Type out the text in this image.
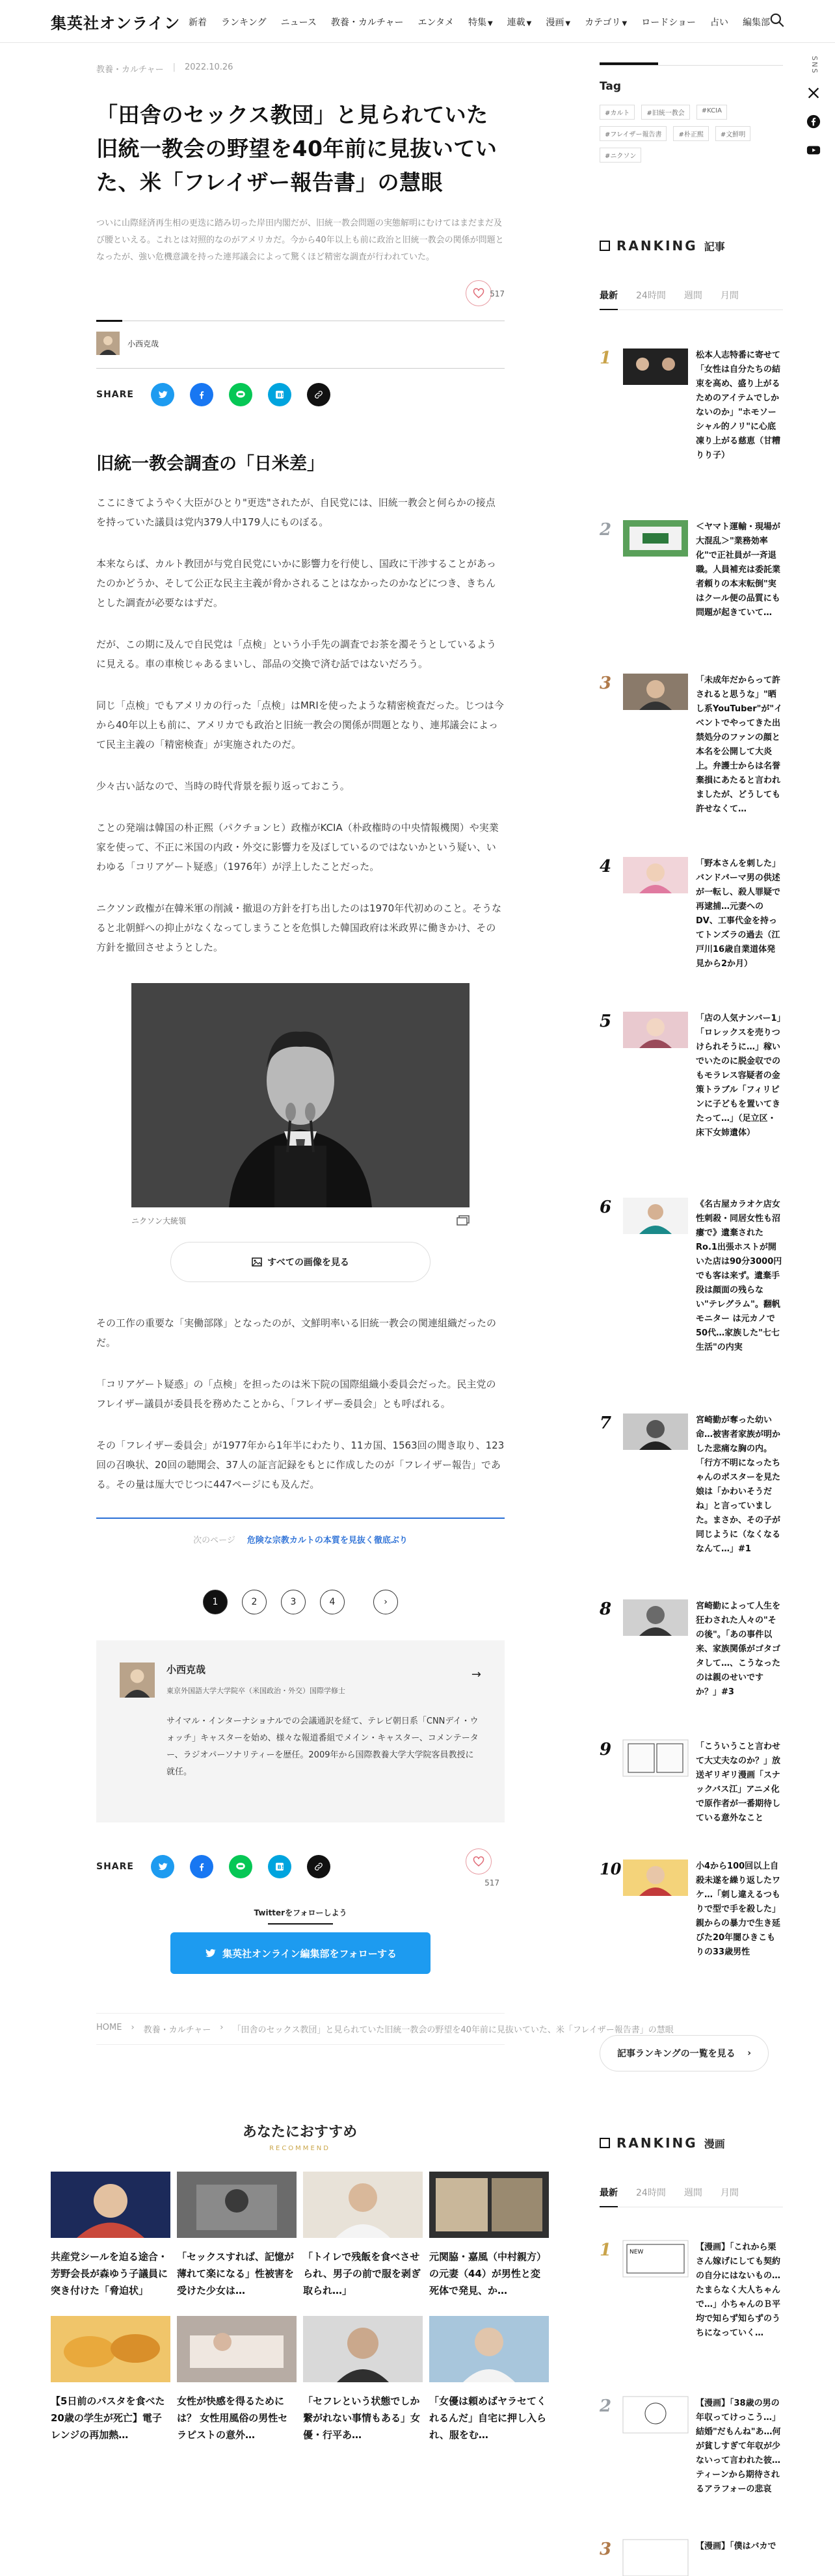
集英社オンライン 新着 ランキング ニュース 教養・カルチャー エンタメ 特集 ▼ 連載 ▼ 漫画 ▼ カテゴリ ▼ ロードショー 占い 編集部
SNS

教養・カルチャー | 2022.10.26
「田舎のセックス教団」と見られていた旧統一教会の野望を40年前に見抜いていた、米「フレイザー報告書」の慧眼

ついに山際経済再生相の更迭に踏み切った岸田内閣だが、旧統一教会問題の実態解明にむけてはまだまだ及び腰といえる。これとは対照的なのがアメリカだ。今から40年以上も前に政治と旧統一教会の関係が問題となったが、強い危機意識を持った連邦議会によって驚くほど精密な調査が行われていた。

517
小西克哉
SHARE	B!
旧統一教会調査の「日米差」

ここにきてようやく大臣がひとり"更迭"されたが、自民党には、旧統一教会と何らかの接点を持っていた議員は党内379人中179人にものぼる。

本来ならば、カルト教団が与党自民党にいかに影響力を行使し、国政に干渉することがあったのかどうか、そして公正な民主主義が脅かされることはなかったのかなどにつき、きちんとした調査が必要なはずだ。

だが、この期に及んで自民党は「点検」という小手先の調査でお茶を濁そうとしているように見える。車の車検じゃあるまいし、部品の交換で済む話ではないだろう。

同じ「点検」でもアメリカの行った「点検」はMRIを使ったような精密検査だった。じつは今から40年以上も前に、アメリカでも政治と旧統一教会の関係が問題となり、連邦議会によって民主主義の「精密検査」が実施されたのだ。

少々古い話なので、当時の時代背景を振り返っておこう。

ことの発端は韓国の朴正熙（パクチョンヒ）政権がKCIA（朴政権時の中央情報機関）や実業家を使って、不正に米国の内政・外交に影響力を及ぼしているのではないかという疑い、いわゆる「コリアゲート疑惑」（1976年）が浮上したことだった。

ニクソン政権が在韓米軍の削減・撤退の方針を打ち出したのは1970年代初めのこと。そうなると北朝鮮への抑止がなくなってしまうことを危惧した韓国政府は米政界に働きかけ、その方針を撤回させようとした。

ニクソン大統領
すべての画像を見る

その工作の重要な「実働部隊」となったのが、文鮮明率いる旧統一教会の関連組織だったのだ。

「コリアゲート疑惑」の「点検」を担ったのは米下院の国際組織小委員会だった。民主党のフレイザー議員が委員長を務めたことから、「フレイザー委員会」とも呼ばれる。

その「フレイザー委員会」が1977年から1年半にわたり、11カ国、1563回の聞き取り、123回の召喚状、20回の聴聞会、37人の証言記録をもとに作成したのが「フレイザー報告」である。その量は厖大でじつに447ページにも及んだ。

次のページ 危険な宗教カルトの本質を見抜く徹底ぶり
1	2	3	4	›
小西克哉
東京外国語大学大学院卒（米国政治・外交）国際学修士
→

サイマル・インターナショナルでの会議通訳を経て、テレビ朝日系「CNNデイ・ウォッチ」キャスターを始め、様々な報道番組でメイン・キャスター、コメンテーター、ラジオパーソナリティーを歴任。2009年から国際教養大学大学院客員教授に就任。

SHARE	B!
517
Twitterをフォローしよう
集英社オンライン編集部をフォローする
HOME › 教養・カルチャー › 「田舎のセックス教団」と見られていた旧統一教会の野望を40年前に見抜いていた、米「フレイザー報告書」の慧眼
あなたにおすすめ
RECOMMEND
共産党シールを迫る途合・芳野会長が森ゆう子議員に突き付けた「脅迫状」
「セックスすれば、記憶が薄れて楽になる」性被害を受けた少女は…
「トイレで残飯を食べさせられ、男子の前で服を剥ぎ取られ…」
元関脇・嘉風（中村親方）の元妻（44）が男性と変死体で発見、か…
【5日前のパスタを食べた20歳の学生が死亡】電子レンジの再加熱…
女性が快感を得るためには？ 女性用風俗の男性セラピストの意外…
「セフレという状態でしか繋がれない事情もある」女優・行平あ…
「女優は頼めばヤラセてくれるんだ」自宅に押し入られ、服をむ…
Tag
#カルト	#旧統一教会	#KCIA
#フレイザー報告書	#朴正熙	#文鮮明
#ニクソン
RANKING 記事
最新 24時間 週間 月間
1	松本人志特番に寄せて「女性は自分たちの結束を高め、盛り上がるためのアイテムでしかないのか」"ホモソーシャル的ノリ"に心底凍り上がる慈恵（甘糟りり子）
2	＜ヤマト運輸・現場が大混乱＞"業務効率化"で正社員が一斉退職。人員補充は委託業者頼りの本末転倒"実はクール便の品質にも問題が起きていて…
3	「未成年だからって許されると思うな」"晒し系YouTuber"が"イベントでやってきた出禁処分のファンの顔と本名を公開して大炎上。弁護士からは名誉棄損にあたると言われましたが、どうしても許せなくて…
4	「野本さんを刺した」バンドパーマ男の供述が一転し、殺人罪疑で再逮捕…元妻へのDV、工事代金を持ってトンズラの過去（江戸川16歳自業道体発見から2か月）
5	「店の人気ナンバー1」「ロレックスを売りつけられそうに…」稼いでいたのに脱金収でのもモラレス容疑者の金策トラブル「フィリピンに子どもを置いてきたって…」（足立区・床下女姉遺体）
6	《名古屋カラオケ店女性刺殺・同居女性も沼瘻で》遺棄されたRo.1出張ホストが開いた店は90分3000円でも客は来ず。遺棄手段は顔面の残らない"テレグラム"。翻帆モニター は元カノで50代…家族した"七七生活"の内実
7	宮崎勤が奪った幼い命…被害者家族が明かした悲痛な胸の内。「行方不明になったちゃんのポスターを見た娘は「かわいそうだね」と言っていました。まさか、その子が同じように（なくなるなんて…」#1
8	宮崎勤によって人生を狂わされた人々の"その後"。「あの事件以来、家族関係がゴタゴタして…、こうなったのは親のせいですか？」#3
9	「こういうこと言わせて大丈夫なのか？」放送ギリギリ漫画「スナックバス江」アニメ化で原作者が一番期待している意外なこと
10	小4から100回以上自殺未遂を繰り返したワケ…「刺し違えるつもりで型で手を殺した」親からの暴力で生き延びた20年闇ひきこもりの33歳男性
記事ランキングの一覧を見る ›
RANKING 漫画
最新 24時間 週間 月間
1	NEW	【漫画】「これから栗さん嫁げにしても契約の自分にはないもの…たまらなく大人ちゃんで…」小ちゃんのＢ平均で知らず知らずのうちになっていく…
2	【漫画】「38歳の男の年収ってけっこう…」結婚"だもんね"あ…何が貧しすぎて年収が少ないって言われた彼…ティーンから期待されるアラフォーの悲哀
3	【漫画】「僕はバカで
